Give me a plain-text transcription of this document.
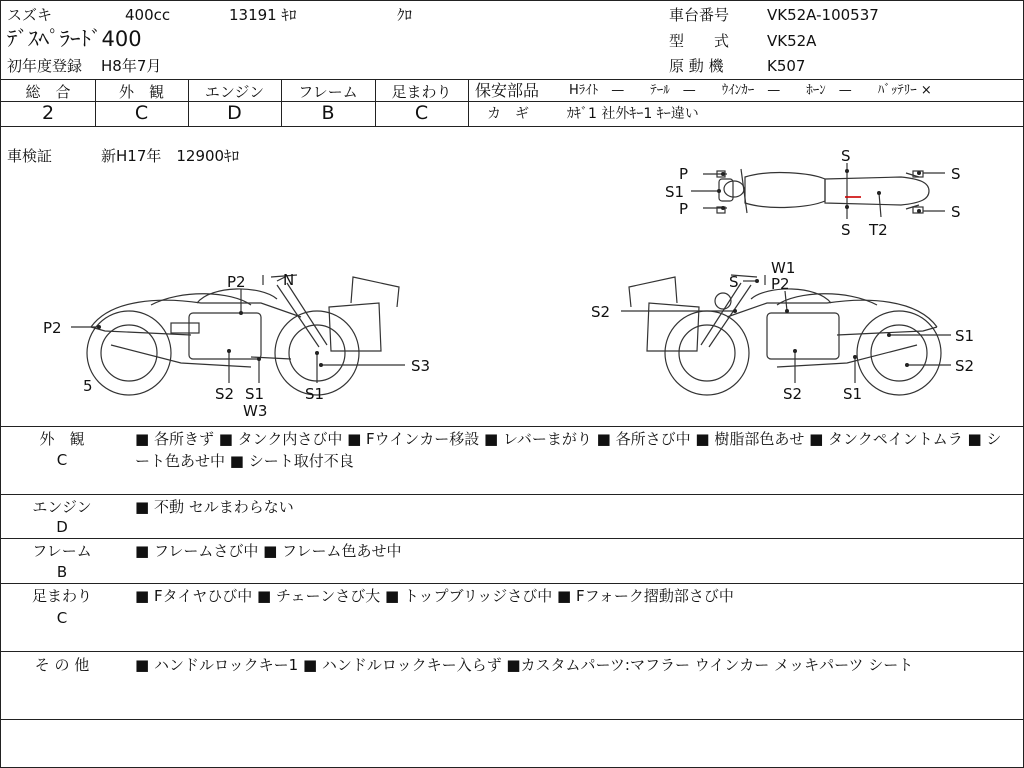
スズキ	400cc	13191 ｷﾛ	ｸﾛ
ﾃﾞｽﾍﾟﾗｰﾄﾞ400
初年度登録 H8年7月
車台番号	VK52A-100537
型　　式	VK52A
原 動 機	K507
総　合	外　観	エンジン	フレーム	足まわり
2	C	D	B	C
保安部品 Hﾗｲﾄ　—　　ﾃｰﾙ　—　　ｳｲﾝｶｰ　—　　ﾎｰﾝ　—　　ﾊﾞｯﾃﾘｰ ×
カ　ギ	ｶｷﾞ1 社外ｷｰ1 ｷｰ違い
車検証	新H17年　12900ｷﾛ
P
S1
P
S
S T2
S
S
P2 N
P2
5	S2 S1
W3
S1
S3
S
W1
P2
S2
S1
S2
S2	S1
外　観
C
■ 各所きず ■ タンク内さび中 ■ Fウインカー移設 ■ レバーまがり ■ 各所さび中 ■ 樹脂部色あせ ■ タンクペイントムラ ■ シート色あせ中 ■ シート取付不良
エンジン
D
■ 不動 セルまわらない
フレーム
B
■ フレームさび中 ■ フレーム色あせ中
足まわり
C
■ Fタイヤひび中 ■ チェーンさび大 ■ トップブリッジさび中 ■ Fフォーク摺動部さび中
そ の 他	■ ハンドルロックキー1 ■ ハンドルロックキー入らず ■カスタムパーツ:マフラー ウインカー メッキパーツ シート
